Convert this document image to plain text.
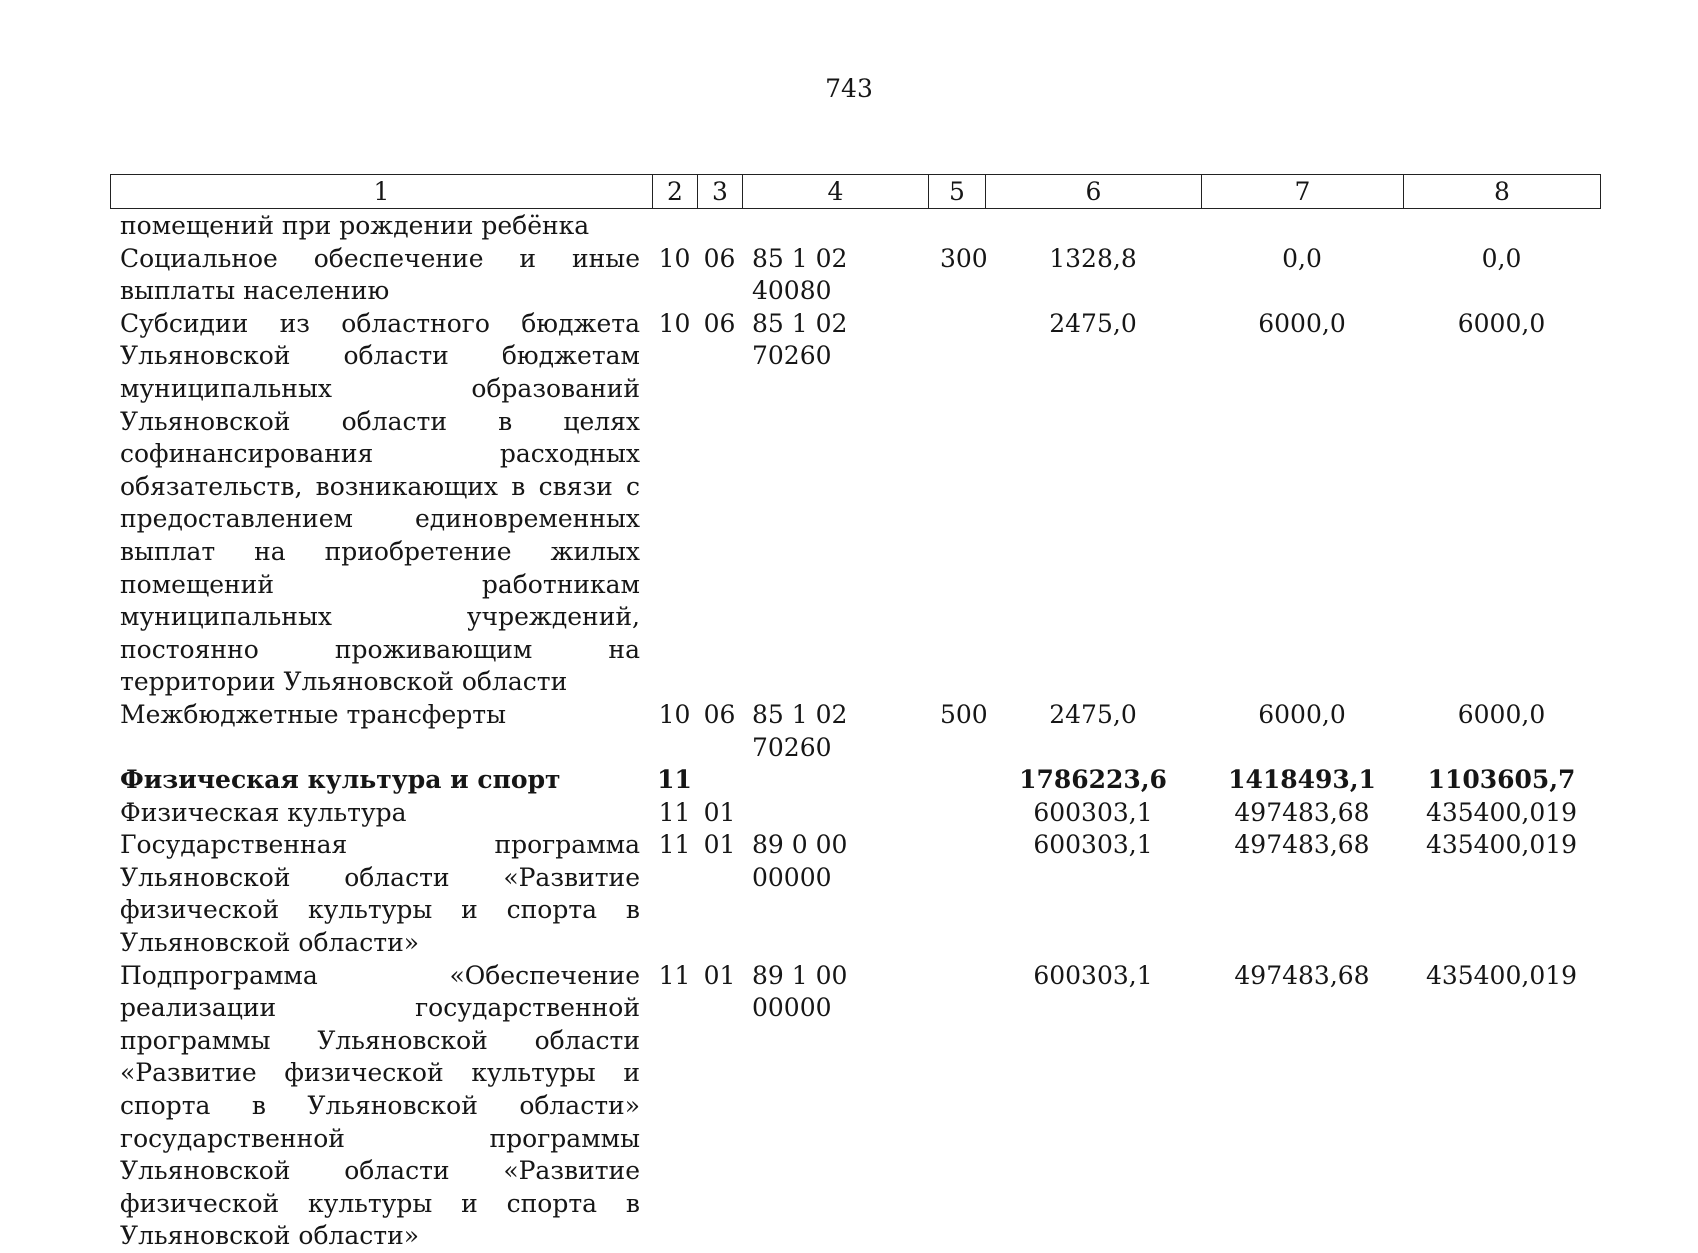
743
1	2	3	4	5	6	7	8
помещений при рождении ребёнка							
Социальное обеспечение и иные выплаты населению	10	06	85 1 02 40080	300	1328,8	0,0	0,0
Субсидии из областного бюджета Ульяновской области бюджетам муниципальных образований Ульяновской области в целях софинансирования расходных обязательств, возникающих в связи с предоставлением единовременных выплат на приобретение жилых помещений работникам муниципальных учреждений, постоянно проживающим на территории Ульяновской области	10	06	85 1 02 70260		2475,0	6000,0	6000,0
Межбюджетные трансферты	10	06	85 1 02 70260	500	2475,0	6000,0	6000,0
Физическая культура и спорт	11				1786223,6	1418493,1	1103605,7
Физическая культура	11	01			600303,1	497483,68	435400,019
Государственная программа Ульяновской области «Развитие физической культуры и спорта в Ульяновской области»	11	01	89 0 00 00000		600303,1	497483,68	435400,019
Подпрограмма «Обеспечение реализации государственной программы Ульяновской области «Развитие физической культуры и спорта в Ульяновской области» государственной программы Ульяновской области «Развитие физической культуры и спорта в Ульяновской области»	11	01	89 1 00 00000		600303,1	497483,68	435400,019
